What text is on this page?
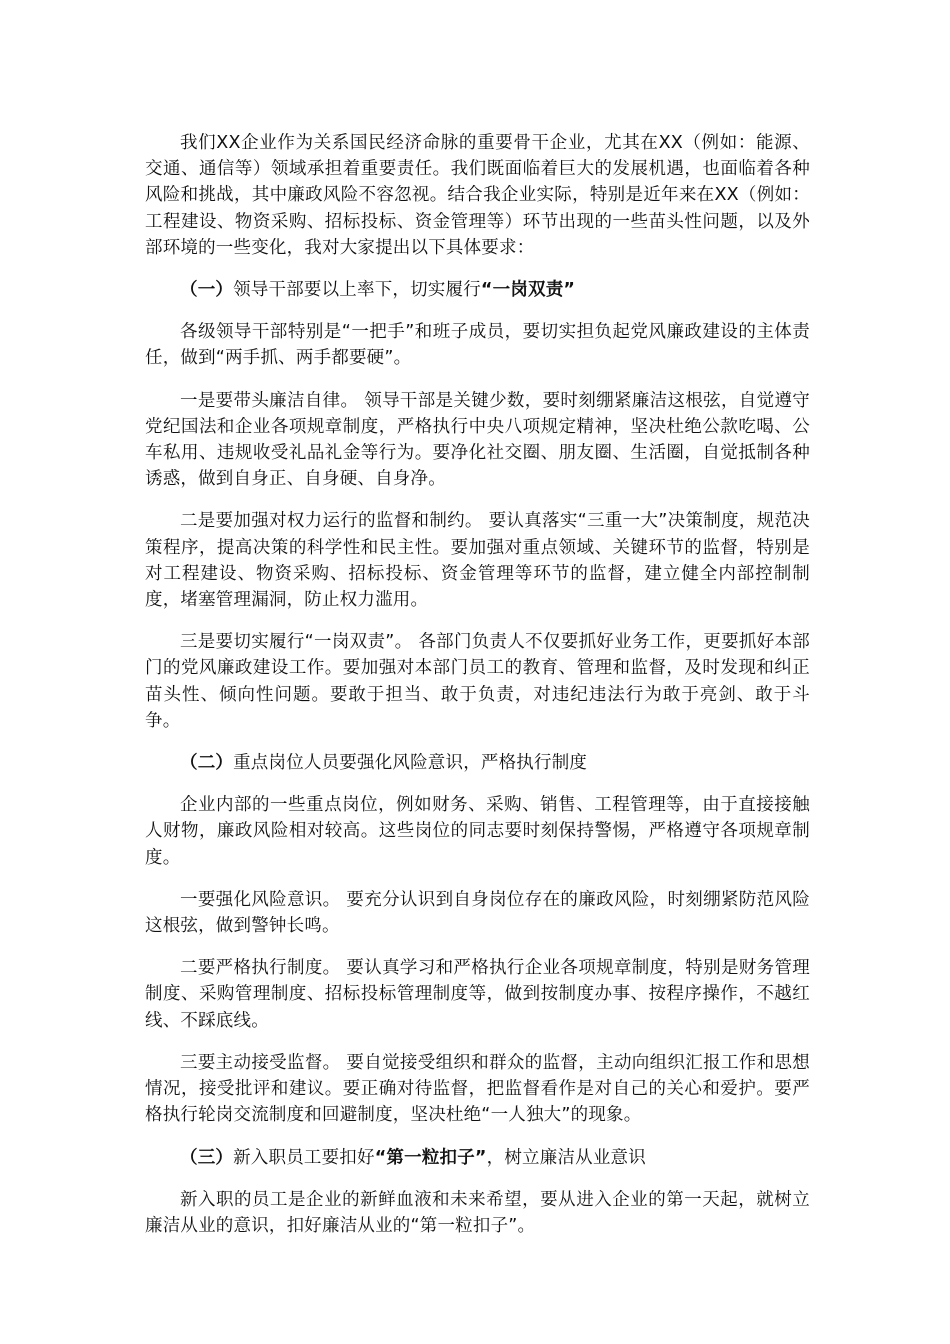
我们XX企业作为关系国民经济命脉的重要骨干企业，尤其在XX（例如：能源、交通、通信等）领域承担着重要责任。我们既面临着巨大的发展机遇，也面临着各种风险和挑战，其中廉政风险不容忽视。结合我企业实际，特别是近年来在XX（例如：工程建设、物资采购、招标投标、资金管理等）环节出现的一些苗头性问题，以及外部环境的一些变化，我对大家提出以下具体要求：

（一）领导干部要以上率下，切实履行“一岗双责”

各级领导干部特别是“一把手”和班子成员，要切实担负起党风廉政建设的主体责任，做到“两手抓、两手都要硬”。

一是要带头廉洁自律。 领导干部是关键少数，要时刻绷紧廉洁这根弦，自觉遵守党纪国法和企业各项规章制度，严格执行中央八项规定精神，坚决杜绝公款吃喝、公车私用、违规收受礼品礼金等行为。要净化社交圈、朋友圈、生活圈，自觉抵制各种诱惑，做到自身正、自身硬、自身净。

二是要加强对权力运行的监督和制约。 要认真落实“三重一大”决策制度，规范决策程序，提高决策的科学性和民主性。要加强对重点领域、关键环节的监督，特别是对工程建设、物资采购、招标投标、资金管理等环节的监督，建立健全内部控制制度，堵塞管理漏洞，防止权力滥用。

三是要切实履行“一岗双责”。 各部门负责人不仅要抓好业务工作，更要抓好本部门的党风廉政建设工作。要加强对本部门员工的教育、管理和监督，及时发现和纠正苗头性、倾向性问题。要敢于担当、敢于负责，对违纪违法行为敢于亮剑、敢于斗争。

（二）重点岗位人员要强化风险意识，严格执行制度

企业内部的一些重点岗位，例如财务、采购、销售、工程管理等，由于直接接触人财物，廉政风险相对较高。这些岗位的同志要时刻保持警惕，严格遵守各项规章制度。

一要强化风险意识。 要充分认识到自身岗位存在的廉政风险，时刻绷紧防范风险这根弦，做到警钟长鸣。

二要严格执行制度。 要认真学习和严格执行企业各项规章制度，特别是财务管理制度、采购管理制度、招标投标管理制度等，做到按制度办事、按程序操作，不越红线、不踩底线。

三要主动接受监督。 要自觉接受组织和群众的监督，主动向组织汇报工作和思想情况，接受批评和建议。要正确对待监督，把监督看作是对自己的关心和爱护。要严格执行轮岗交流制度和回避制度，坚决杜绝“一人独大”的现象。

（三）新入职员工要扣好“第一粒扣子”，树立廉洁从业意识

新入职的员工是企业的新鲜血液和未来希望，要从进入企业的第一天起，就树立廉洁从业的意识，扣好廉洁从业的“第一粒扣子”。
